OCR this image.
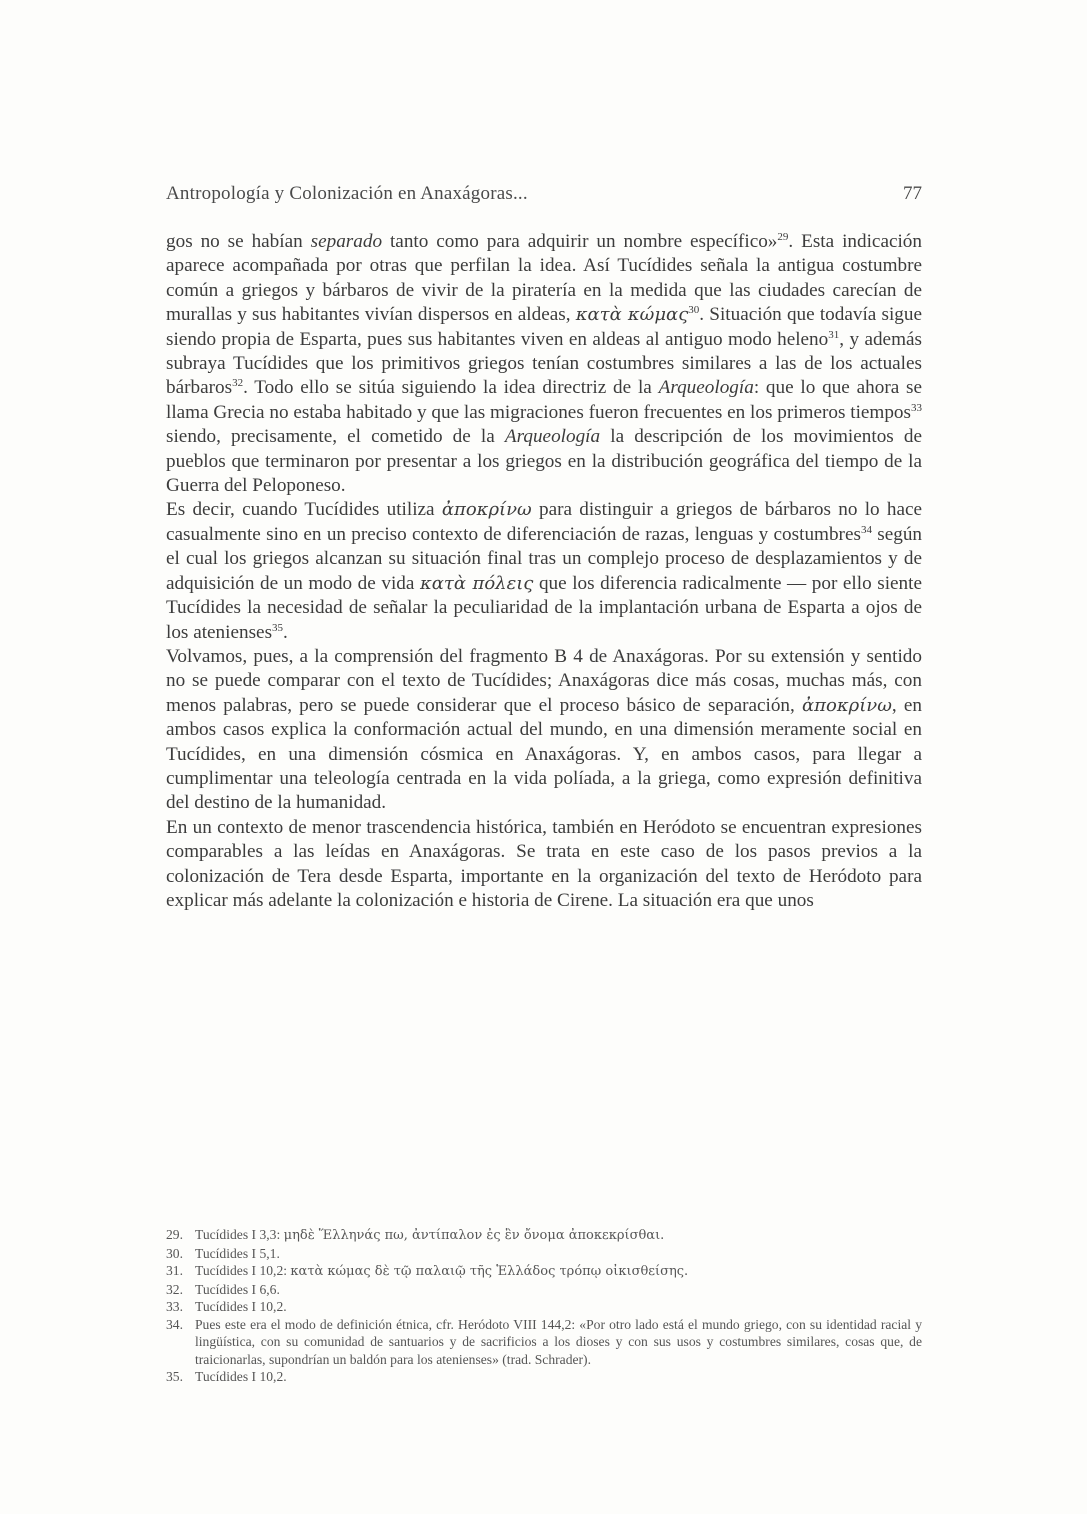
Antropología y Colonización en Anaxágoras...	77

gos no se habían separado tanto como para adquirir un nombre específico»$^{29}$. Esta indicación aparece acompañada por otras que perfilan la idea. Así Tucídides señala la antigua costumbre común a griegos y bárbaros de vivir de la piratería en la medida que las ciudades carecían de murallas y sus habitantes vivían dispersos en aldeas, κατὰ κώμας$^{30}$. Situación que todavía sigue siendo propia de Esparta, pues sus habitantes viven en aldeas al antiguo modo heleno$^{31}$, y además subraya Tucídides que los primitivos griegos tenían costumbres similares a las de los actuales bárbaros$^{32}$. Todo ello se sitúa siguiendo la idea directriz de la Arqueología: que lo que ahora se llama Grecia no estaba habitado y que las migraciones fueron frecuentes en los primeros tiempos$^{33}$ siendo, precisamente, el cometido de la Arqueología la descripción de los movimientos de pueblos que terminaron por presentar a los griegos en la distribución geográfica del tiempo de la Guerra del Peloponeso.

Es decir, cuando Tucídides utiliza ἀποκρίνω para distinguir a griegos de bárbaros no lo hace casualmente sino en un preciso contexto de diferenciación de razas, lenguas y costumbres$^{34}$ según el cual los griegos alcanzan su situación final tras un complejo proceso de desplazamientos y de adquisición de un modo de vida κατὰ πόλεις que los diferencia radicalmente — por ello siente Tucídides la necesidad de señalar la peculiaridad de la implantación urbana de Esparta a ojos de los atenienses$^{35}$.

Volvamos, pues, a la comprensión del fragmento B 4 de Anaxágoras. Por su extensión y sentido no se puede comparar con el texto de Tucídides; Anaxágoras dice más cosas, muchas más, con menos palabras, pero se puede considerar que el proceso básico de separación, ἀποκρίνω, en ambos casos explica la conformación actual del mundo, en una dimensión meramente social en Tucídides, en una dimensión cósmica en Anaxágoras. Y, en ambos casos, para llegar a cumplimentar una teleología centrada en la vida políada, a la griega, como expresión definitiva del destino de la humanidad.

En un contexto de menor trascendencia histórica, también en Heródoto se encuentran expresiones comparables a las leídas en Anaxágoras. Se trata en este caso de los pasos previos a la colonización de Tera desde Esparta, importante en la organización del texto de Heródoto para explicar más adelante la colonización e historia de Cirene. La situación era que unos

29. Tucídides I 3,3: μηδὲ Ἕλληνάς πω, ἀντίπαλον ἐς ἓν ὄνομα ἀποκεκρίσθαι.

30. Tucídides I 5,1.

31. Tucídides I 10,2: κατὰ κώμας δὲ τῷ παλαιῷ τῆς Ἑλλάδος τρόπῳ οἰκισθείσης.

32. Tucídides I 6,6.

33. Tucídides I 10,2.

34. Pues este era el modo de definición étnica, cfr. Heródoto VIII 144,2: «Por otro lado está el mundo griego, con su identidad racial y lingüística, con su comunidad de santuarios y de sacrificios a los dioses y con sus usos y costumbres similares, cosas que, de traicionarlas, supondrían un baldón para los atenienses» (trad. Schrader).

35. Tucídides I 10,2.
